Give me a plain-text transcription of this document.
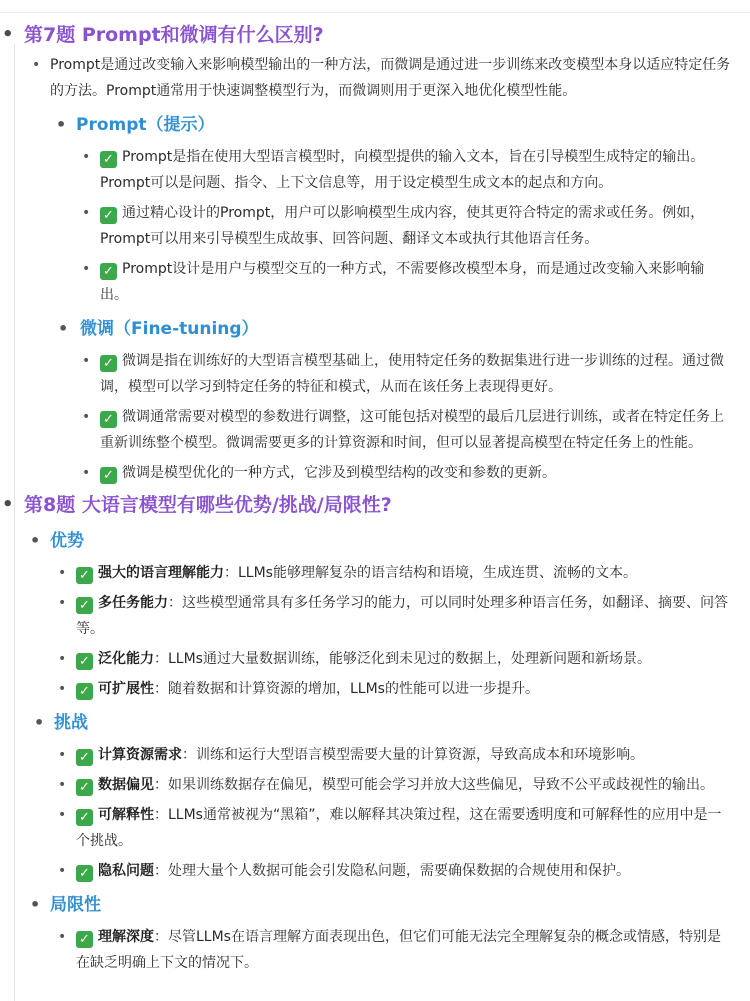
• 第7题 Prompt和微调有什么区别?
• Prompt是通过改变输入来影响模型输出的一种方法，而微调是通过进一步训练来改变模型本身以适应特定任务的方法。Prompt通常用于快速调整模型行为，而微调则用于更深入地优化模型性能。
• Prompt（提示）
• ✓ Prompt是指在使用大型语言模型时，向模型提供的输入文本，旨在引导模型生成特定的输出。Prompt可以是问题、指令、上下文信息等，用于设定模型生成文本的起点和方向。
• ✓ 通过精心设计的Prompt，用户可以影响模型生成内容，使其更符合特定的需求或任务。例如，Prompt可以用来引导模型生成故事、回答问题、翻译文本或执行其他语言任务。
• ✓ Prompt设计是用户与模型交互的一种方式，不需要修改模型本身，而是通过改变输入来影响输出。
• 微调（Fine-tuning）
• ✓ 微调是指在训练好的大型语言模型基础上，使用特定任务的数据集进行进一步训练的过程。通过微调，模型可以学习到特定任务的特征和模式，从而在该任务上表现得更好。
• ✓ 微调通常需要对模型的参数进行调整，这可能包括对模型的最后几层进行训练，或者在特定任务上重新训练整个模型。微调需要更多的计算资源和时间，但可以显著提高模型在特定任务上的性能。
• ✓ 微调是模型优化的一种方式，它涉及到模型结构的改变和参数的更新。
• 第8题 大语言模型有哪些优势/挑战/局限性?
• 优势
• ✓ 强大的语言理解能力：LLMs能够理解复杂的语言结构和语境，生成连贯、流畅的文本。
• ✓ 多任务能力：这些模型通常具有多任务学习的能力，可以同时处理多种语言任务，如翻译、摘要、问答等。
• ✓ 泛化能力：LLMs通过大量数据训练，能够泛化到未见过的数据上，处理新问题和新场景。
• ✓ 可扩展性：随着数据和计算资源的增加，LLMs的性能可以进一步提升。
• 挑战
• ✓ 计算资源需求：训练和运行大型语言模型需要大量的计算资源，导致高成本和环境影响。
• ✓ 数据偏见：如果训练数据存在偏见，模型可能会学习并放大这些偏见，导致不公平或歧视性的输出。
• ✓ 可解释性：LLMs通常被视为“黑箱”，难以解释其决策过程，这在需要透明度和可解释性的应用中是一个挑战。
• ✓ 隐私问题：处理大量个人数据可能会引发隐私问题，需要确保数据的合规使用和保护。
• 局限性
• ✓ 理解深度：尽管LLMs在语言理解方面表现出色，但它们可能无法完全理解复杂的概念或情感，特别是在缺乏明确上下文的情况下。
